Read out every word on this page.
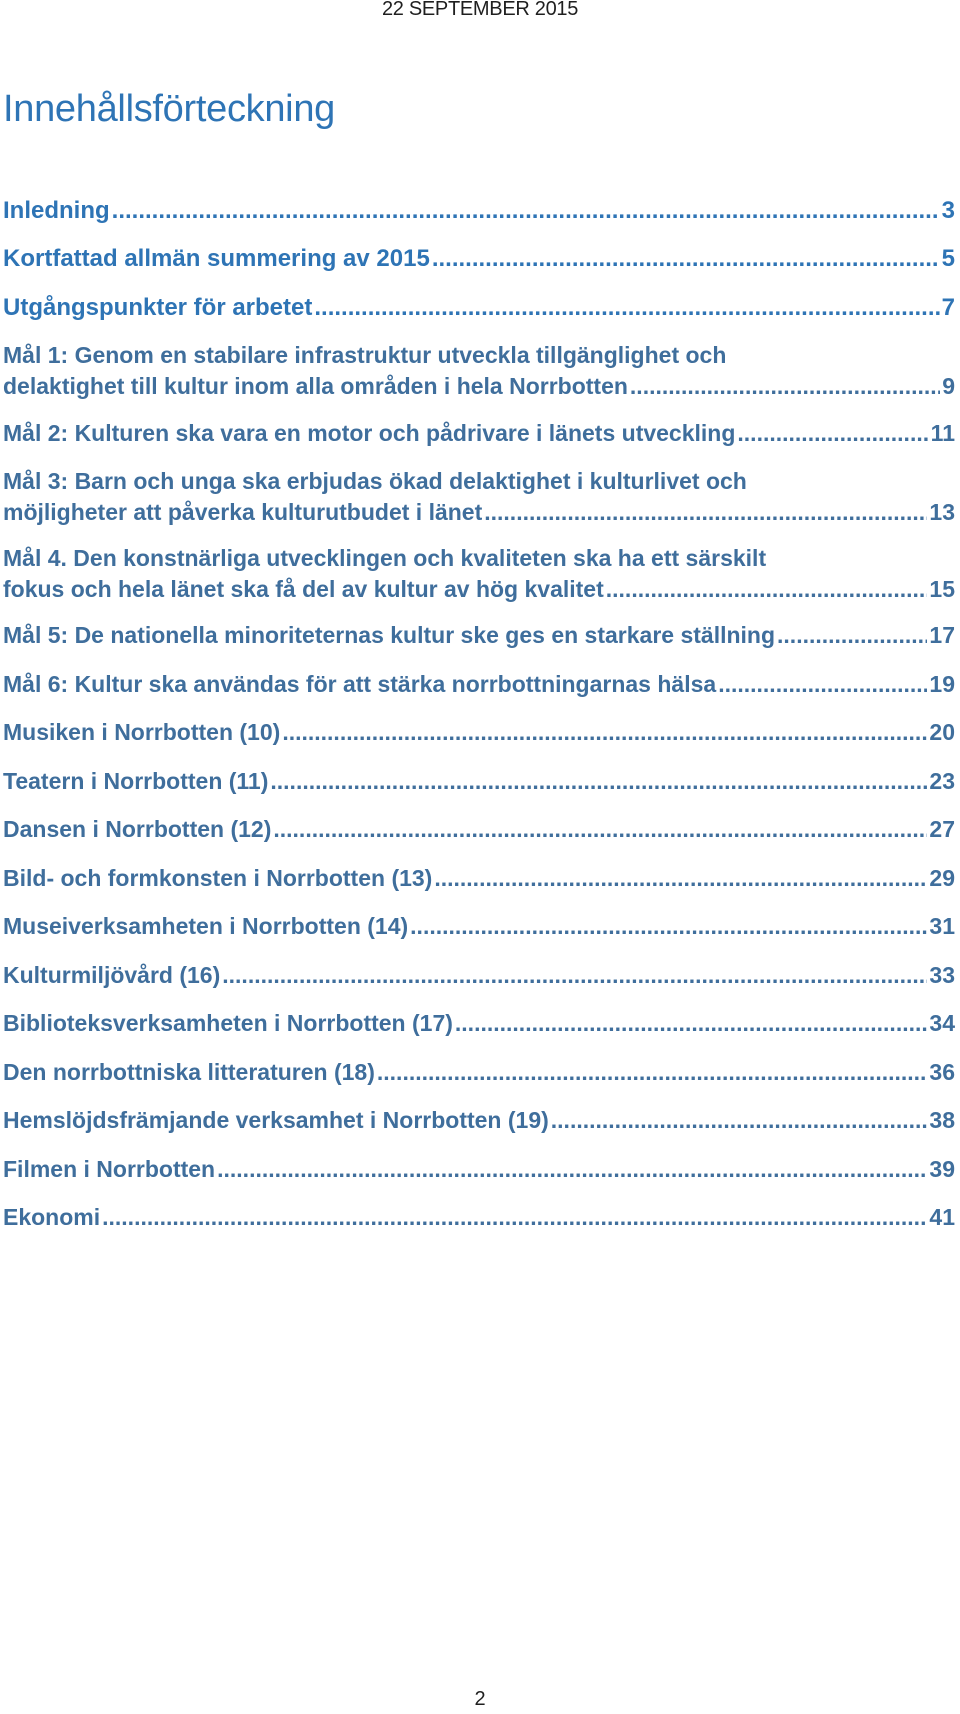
22 SEPTEMBER 2015
Innehållsförteckning
Inledning .....	3
Kortfattad allmän summering av 2015 .....	5
Utgångspunkter för arbetet .....	7
Mål 1: Genom en stabilare infrastruktur utveckla tillgänglighet och
delaktighet till kultur inom alla områden i hela Norrbotten .....	9
Mål 2: Kulturen ska vara en motor och pådrivare i länets utveckling .....	11
Mål 3: Barn och unga ska erbjudas ökad delaktighet i kulturlivet och
möjligheter att påverka kulturutbudet i länet .....	13
Mål 4. Den konstnärliga utvecklingen och kvaliteten ska ha ett särskilt
fokus och hela länet ska få del av kultur av hög kvalitet .....	15
Mål 5: De nationella minoriteternas kultur ske ges en starkare ställning .....	17
Mål 6: Kultur ska användas för att stärka norrbottningarnas hälsa .....	19
Musiken i Norrbotten (10) .....	20
Teatern i Norrbotten (11) .....	23
Dansen i Norrbotten (12) .....	27
Bild- och formkonsten i Norrbotten (13) .....	29
Museiverksamheten i Norrbotten (14) .....	31
Kulturmiljövård (16) .....	33
Biblioteksverksamheten i Norrbotten (17) .....	34
Den norrbottniska litteraturen (18) .....	36
Hemslöjdsfrämjande verksamhet i Norrbotten (19) .....	38
Filmen i Norrbotten .....	39
Ekonomi .....	41
2
